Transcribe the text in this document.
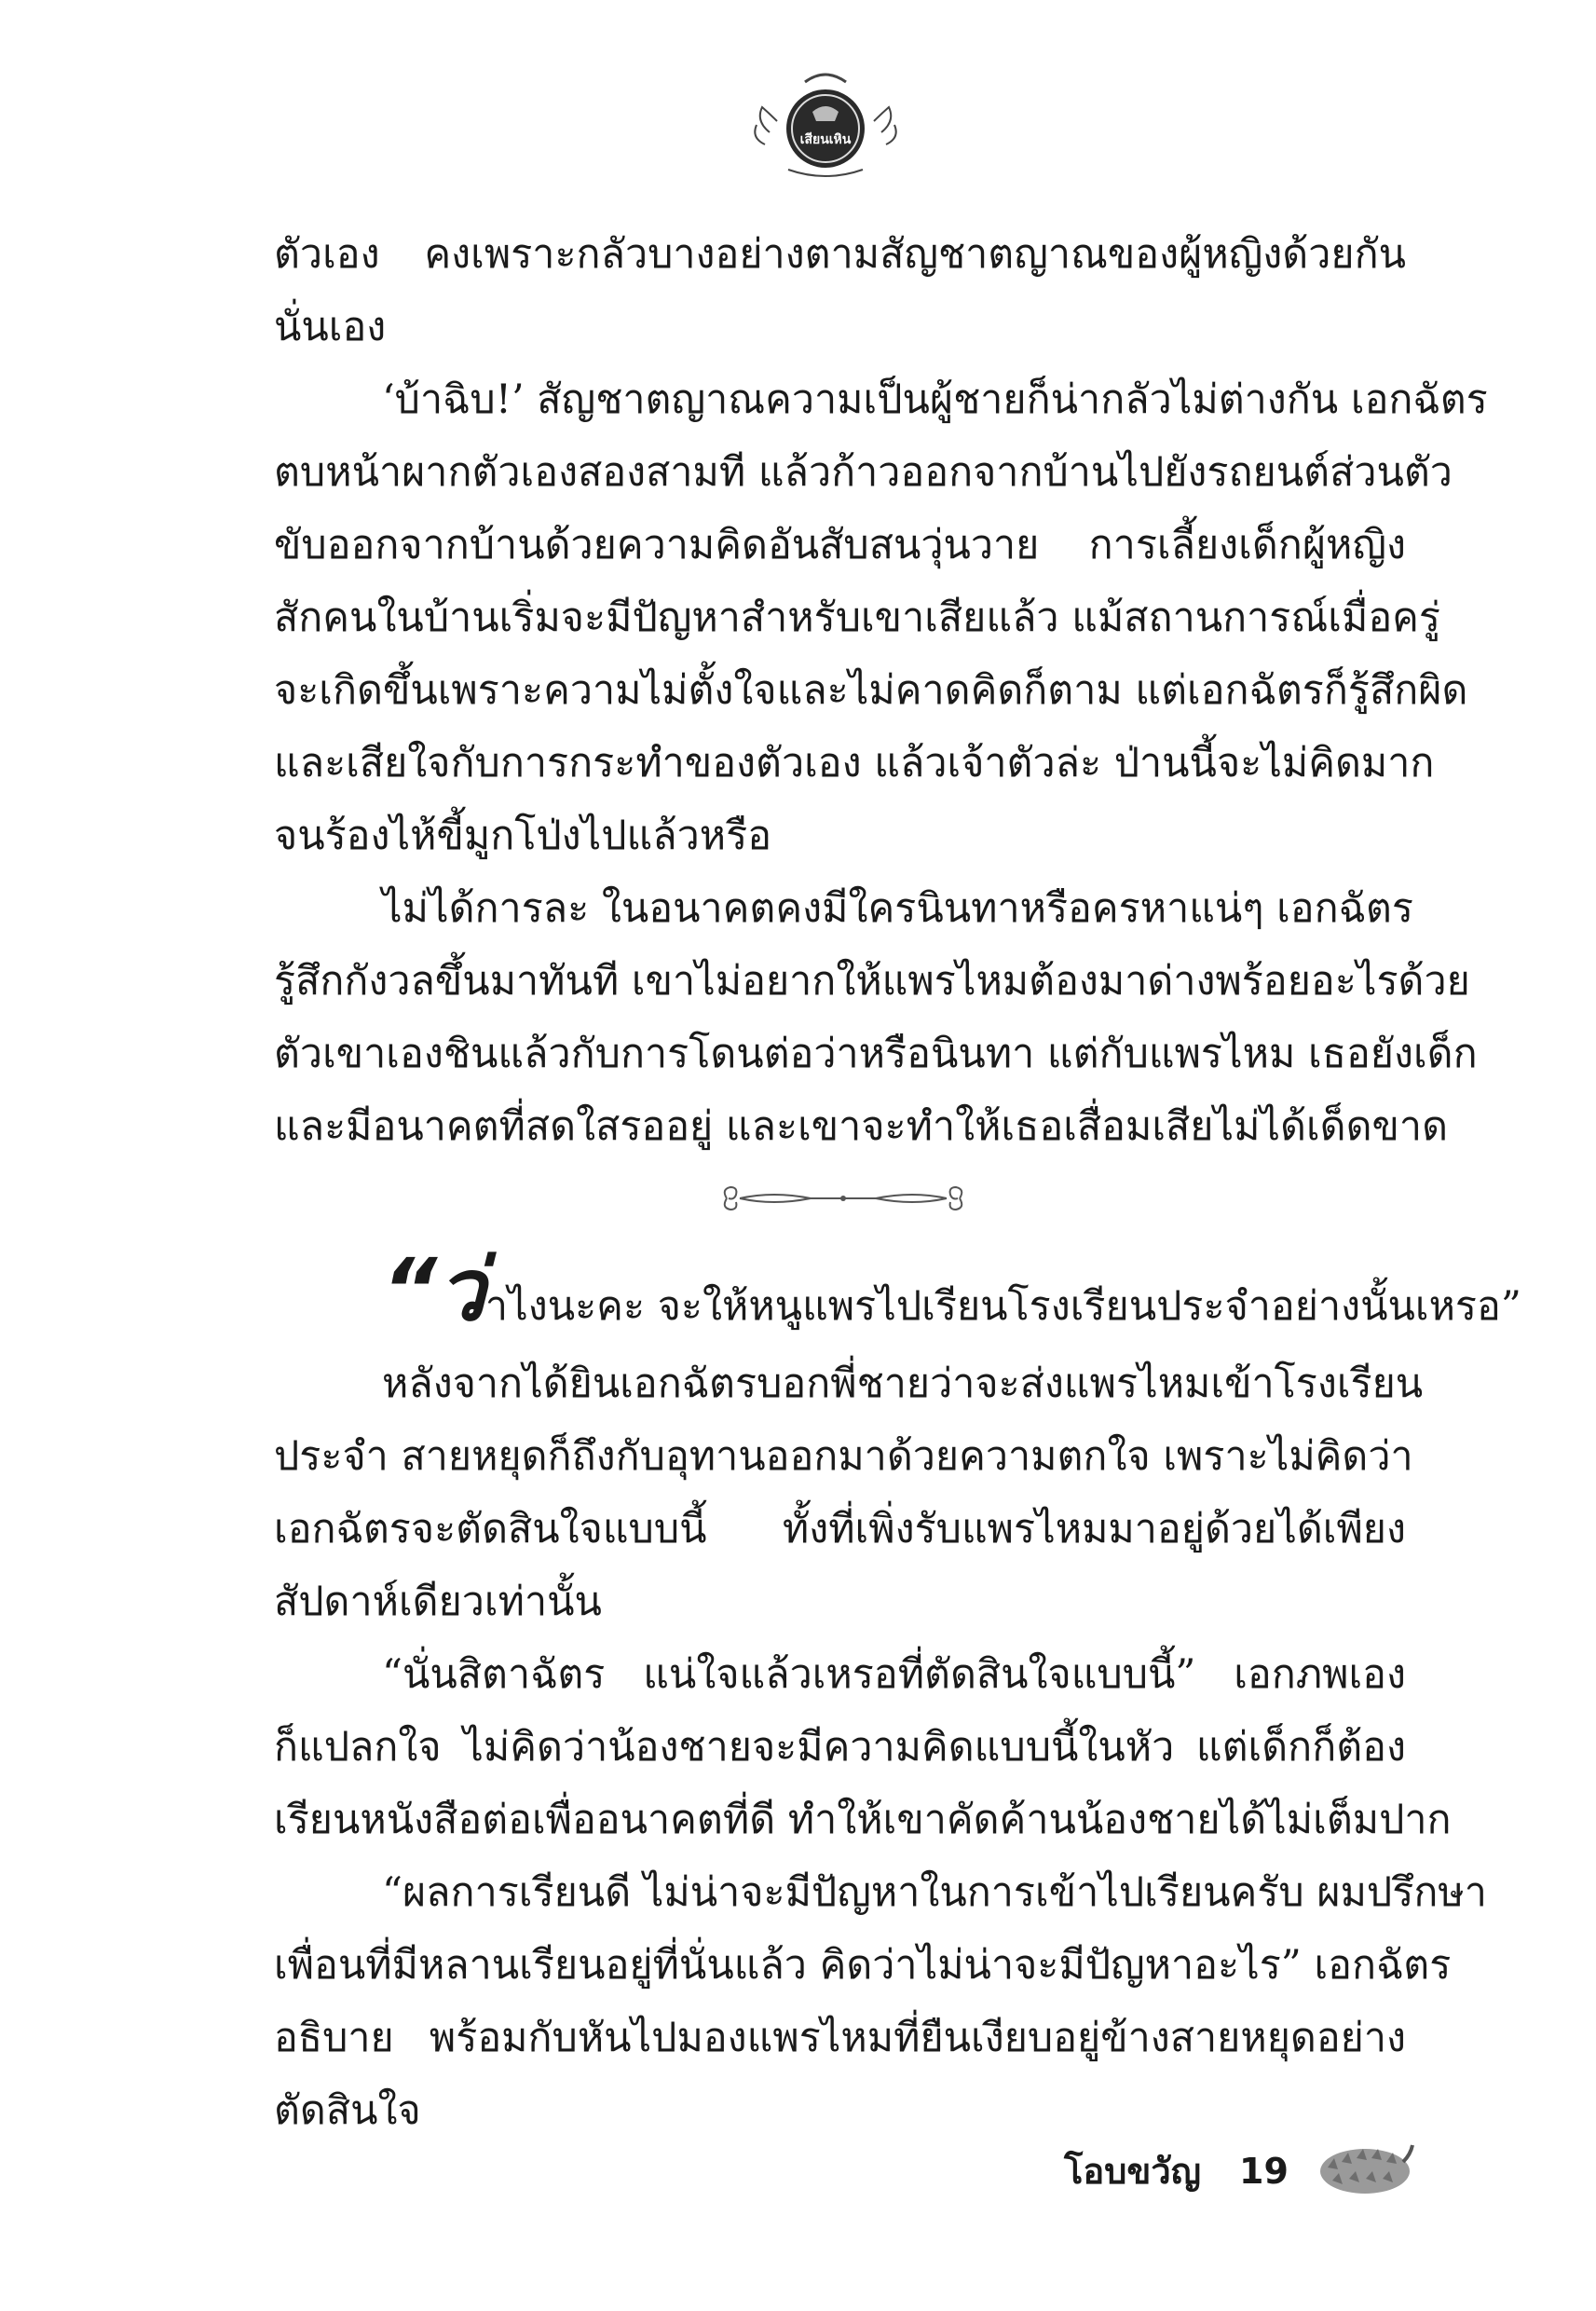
เสียนเหิน
ตัวเอง คงเพราะกลัวบางอย่างตามสัญชาตญาณของผู้หญิงด้วยกัน
นั่นเอง
‘บ้าฉิบ!’ สัญชาตญาณความเป็นผู้ชายก็น่ากลัวไม่ต่างกัน เอกฉัตร
ตบหน้าผากตัวเองสองสามที แล้วก้าวออกจากบ้านไปยังรถยนต์ส่วนตัว
ขับออกจากบ้านด้วยความคิดอันสับสนวุ่นวาย การเลี้ยงเด็กผู้หญิง
สักคนในบ้านเริ่มจะมีปัญหาสำหรับเขาเสียแล้ว แม้สถานการณ์เมื่อครู่
จะเกิดขึ้นเพราะความไม่ตั้งใจและไม่คาดคิดก็ตาม แต่เอกฉัตรก็รู้สึกผิด
และเสียใจกับการกระทำของตัวเอง แล้วเจ้าตัวล่ะ ป่านนี้จะไม่คิดมาก
จนร้องไห้ขี้มูกโป่งไปแล้วหรือ
ไม่ได้การละ ในอนาคตคงมีใครนินทาหรือครหาแน่ๆ เอกฉัตร
รู้สึกกังวลขึ้นมาทันที เขาไม่อยากให้แพรไหมต้องมาด่างพร้อยอะไรด้วย
ตัวเขาเองชินแล้วกับการโดนต่อว่าหรือนินทา แต่กับแพรไหม เธอยังเด็ก
และมีอนาคตที่สดใสรออยู่ และเขาจะทำให้เธอเสื่อมเสียไม่ได้เด็ดขาด
“ว่าไงนะคะ จะให้หนูแพรไปเรียนโรงเรียนประจำอย่างนั้นเหรอ”
หลังจากได้ยินเอกฉัตรบอกพี่ชายว่าจะส่งแพรไหมเข้าโรงเรียน
ประจำ สายหยุดก็ถึงกับอุทานออกมาด้วยความตกใจ เพราะไม่คิดว่า
เอกฉัตรจะตัดสินใจแบบนี้ ทั้งที่เพิ่งรับแพรไหมมาอยู่ด้วยได้เพียง
สัปดาห์เดียวเท่านั้น
“นั่นสิตาฉัตร แน่ใจแล้วเหรอที่ตัดสินใจแบบนี้” เอกภพเอง
ก็แปลกใจ ไม่คิดว่าน้องชายจะมีความคิดแบบนี้ในหัว แต่เด็กก็ต้อง
เรียนหนังสือต่อเพื่ออนาคตที่ดี ทำให้เขาคัดค้านน้องชายได้ไม่เต็มปาก
“ผลการเรียนดี ไม่น่าจะมีปัญหาในการเข้าไปเรียนครับ ผมปรึกษา
เพื่อนที่มีหลานเรียนอยู่ที่นั่นแล้ว คิดว่าไม่น่าจะมีปัญหาอะไร” เอกฉัตร
อธิบาย พร้อมกับหันไปมองแพรไหมที่ยืนเงียบอยู่ข้างสายหยุดอย่าง
ตัดสินใจ
โอบขวัญ 19
